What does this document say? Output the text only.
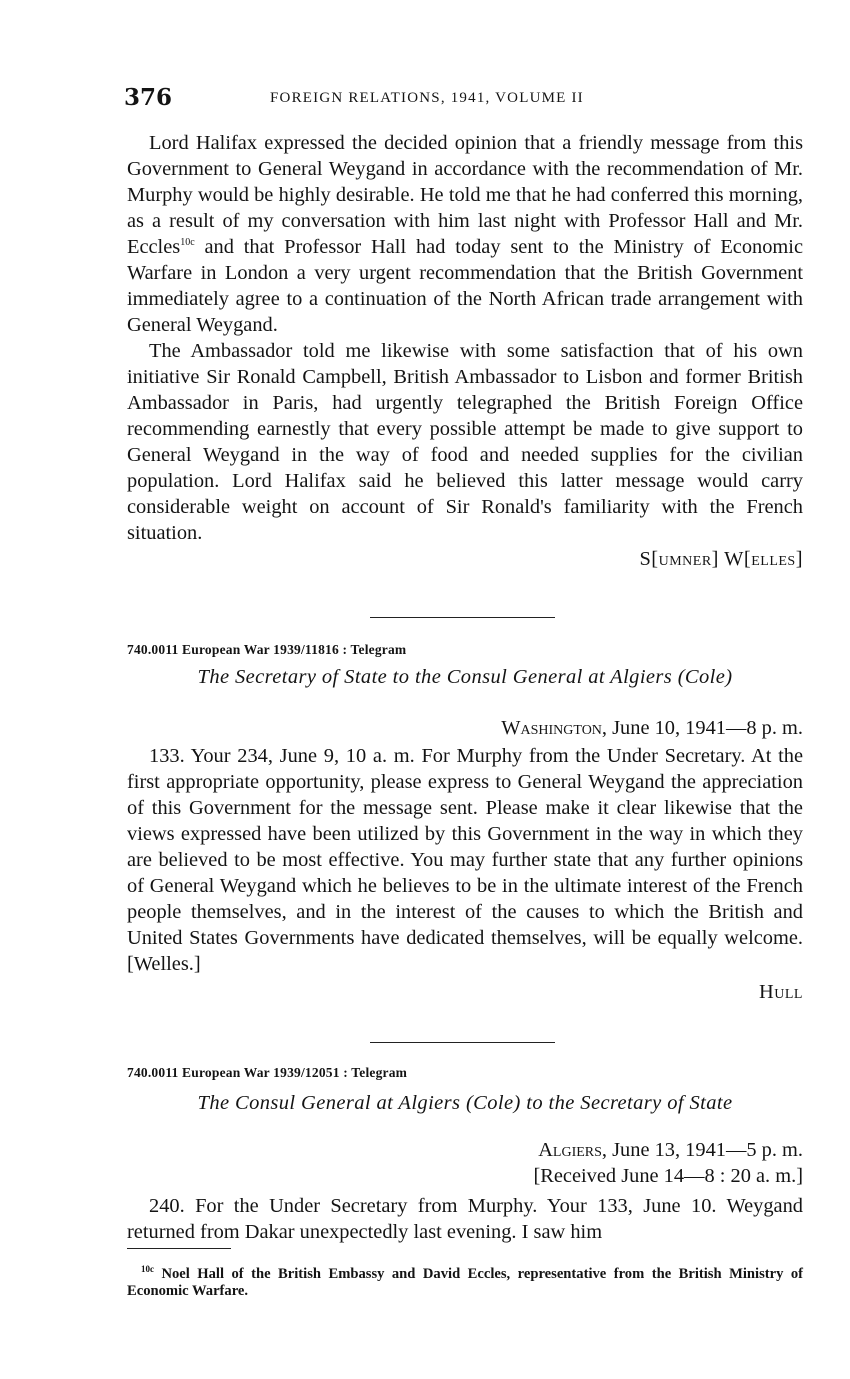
376	FOREIGN RELATIONS, 1941, VOLUME II

Lord Halifax expressed the decided opinion that a friendly message from this Government to General Weygand in accordance with the recommendation of Mr. Murphy would be highly desirable. He told me that he had conferred this morning, as a result of my conversation with him last night with Professor Hall and Mr. Eccles$^{10c}$ and that Professor Hall had today sent to the Ministry of Economic Warfare in London a very urgent recommendation that the British Government immediately agree to a continuation of the North African trade arrangement with General Weygand.

The Ambassador told me likewise with some satisfaction that of his own initiative Sir Ronald Campbell, British Ambassador to Lisbon and former British Ambassador in Paris, had urgently telegraphed the British Foreign Office recommending earnestly that every possible attempt be made to give support to General Weygand in the way of food and needed supplies for the civilian population. Lord Halifax said he believed this latter message would carry considerable weight on account of Sir Ronald's familiarity with the French situation.

S[umner] W[elles]

740.0011 European War 1939/11816 : Telegram
The Secretary of State to the Consul General at Algiers (Cole)
Washington, June 10, 1941—8 p. m.

133. Your 234, June 9, 10 a. m. For Murphy from the Under Secretary. At the first appropriate opportunity, please express to General Weygand the appreciation of this Government for the message sent. Please make it clear likewise that the views expressed have been utilized by this Government in the way in which they are believed to be most effective. You may further state that any further opinions of General Weygand which he believes to be in the ultimate interest of the French people themselves, and in the interest of the causes to which the British and United States Governments have dedicated themselves, will be equally welcome. [Welles.]

Hull

740.0011 European War 1939/12051 : Telegram
The Consul General at Algiers (Cole) to the Secretary of State
Algiers, June 13, 1941—5 p. m.
[Received June 14—8 : 20 a. m.]

240. For the Under Secretary from Murphy. Your 133, June 10. Weygand returned from Dakar unexpectedly last evening. I saw him

$^{10c}$ Noel Hall of the British Embassy and David Eccles, representative from the British Ministry of Economic Warfare.
